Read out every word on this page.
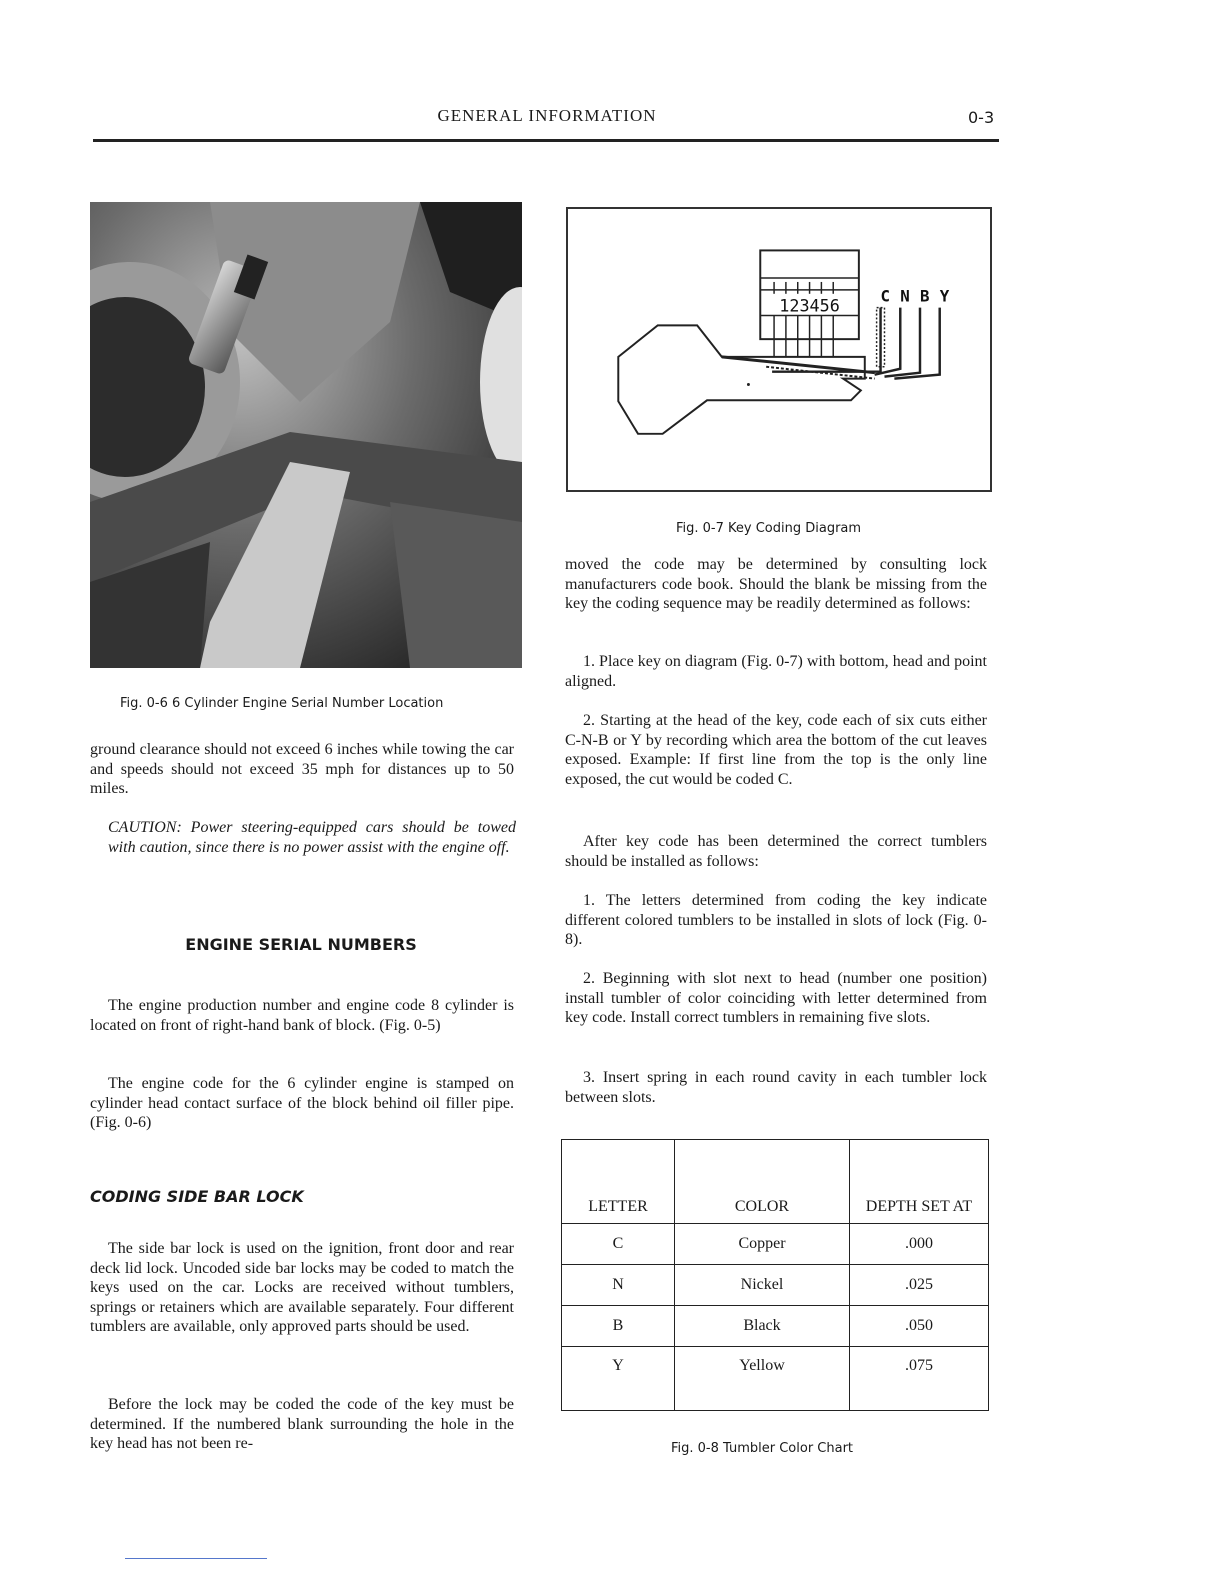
GENERAL INFORMATION	0-3
Fig. 0-6 6 Cylinder Engine Serial Number Location
ground clearance should not exceed 6 inches while towing the car and speeds should not exceed 35 mph for distances up to 50 miles.
CAUTION: Power steering-equipped cars should be towed with caution, since there is no power assist with the engine off.
ENGINE SERIAL NUMBERS
The engine production number and engine code 8 cylinder is located on front of right-hand bank of block. (Fig. 0-5)
The engine code for the 6 cylinder engine is stamped on cylinder head contact surface of the block behind oil filler pipe. (Fig. 0-6)
CODING SIDE BAR LOCK
The side bar lock is used on the ignition, front door and rear deck lid lock. Uncoded side bar locks may be coded to match the keys used on the car. Locks are received without tumblers, springs or retainers which are available separately. Four different tumblers are available, only approved parts should be used.
Before the lock may be coded the code of the key must be determined. If the numbered blank surrounding the hole in the key head has not been re-
123456	C N B Y
Fig. 0-7 Key Coding Diagram
moved the code may be determined by consulting lock manufacturers code book. Should the blank be missing from the key the coding sequence may be readily determined as follows:
1. Place key on diagram (Fig. 0-7) with bottom, head and point aligned.
2. Starting at the head of the key, code each of six cuts either C-N-B or Y by recording which area the bottom of the cut leaves exposed. Example: If first line from the top is the only line exposed, the cut would be coded C.
After key code has been determined the correct tumblers should be installed as follows:
1. The letters determined from coding the key indicate different colored tumblers to be installed in slots of lock (Fig. 0-8).
2. Beginning with slot next to head (number one position) install tumbler of color coinciding with letter determined from key code. Install correct tumblers in remaining five slots.
3. Insert spring in each round cavity in each tumbler lock between slots.
LETTER	COLOR	DEPTH SET AT
C	Copper	.000
N	Nickel	.025
B	Black	.050
Y	Yellow	.075
Fig. 0-8 Tumbler Color Chart
